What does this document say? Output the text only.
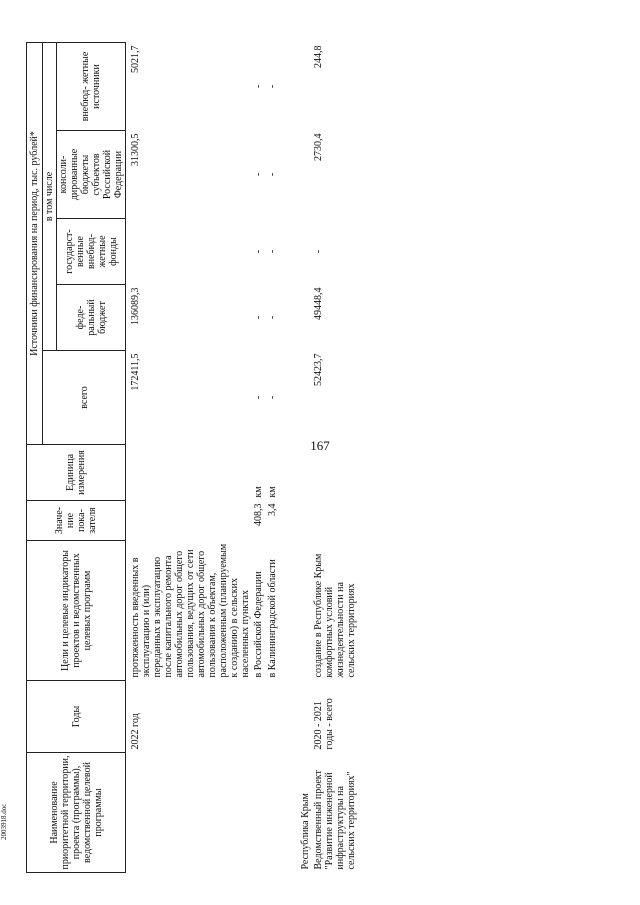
167
2003918.doc	Наименование приоритетной территории, проекта (программы), ведомственной целевой программы	Годы	Цели и целевые индикаторы проектов и ведомственных целевых программ	Значе- ние пока- зателя	Единица измерения	Источники финансирования на период, тыс. рублей*				
					всего	в том числе			
						феде- ральный бюджет	государст- венные внебюд- жетные фонды	консоли- дированные бюджеты субъектов Российской Федерации	внебюд- жетные источники
	2022 год	протяженность введенных в эксплуатацию и (или) переданных в эксплуатацию после капитального ремонта автомобильных дорог общего пользования, ведущих от сети автомобильных дорог общего пользования к объектам, расположенным (планируемым к созданию) в сельских населенных пунктах			172411,5	136089,3		31300,5	5021,7
		в Российской Федерации	408,3	км	-	-	-	-	-
		в Калининградской области	3,4	км	-	-	-	-	-
Республика Крым									
Ведомственный проект "Развитие инженерной инфраструктуры на сельских территориях"	2020 - 2021 годы - всего	создание в Республике Крым комфортных условий жизнедеятельности на сельских территориях			52423,7	49448,4	-	2730,4	244,8
